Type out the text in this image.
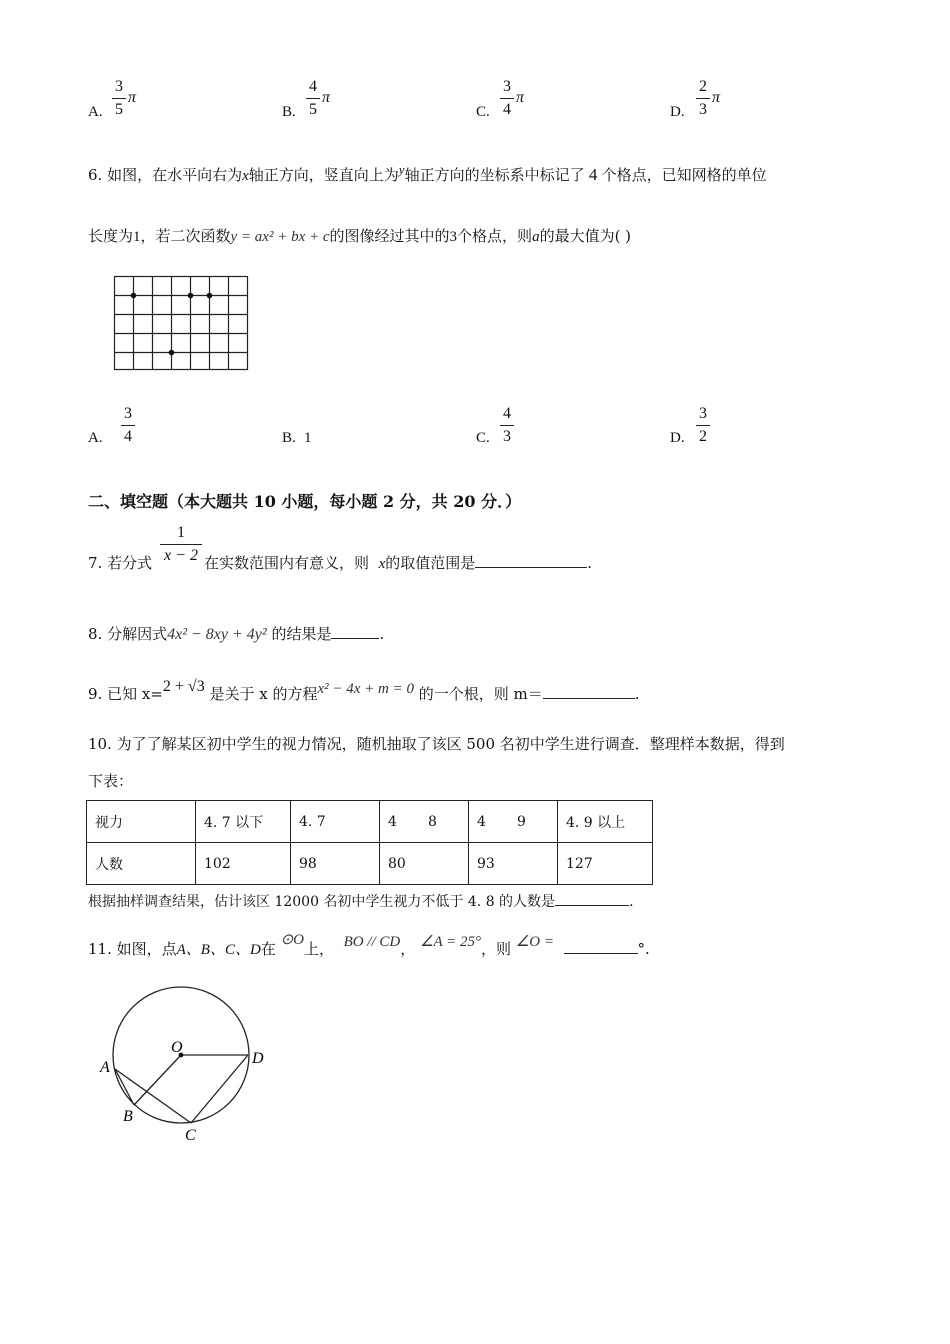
A.
3
5
π
B.
4
5
π
C.
3
4
π
D.
2
3
π
6. 如图，在水平向右为x轴正方向，竖直向上为$^y$轴正方向的坐标系中标记了 4 个格点，已知网格的单位
长度为1，若二次函数y = ax² + bx + c的图像经过其中的3个格点，则a的最大值为( )
A.
3
4	B. 1	C.
4
3	D.
3
2
二、填空题（本大题共 10 小题，每小题 2 分，共 20 分．）
7. 若分式
1
x − 2 在实数范围内有意义，则 x的取值范围是	.
8. 分解因式4x² − 8xy + 4y² 的结果是	.
9. 已知 x=2 + √3 是关于 x 的方程x² − 4x + m = 0 的一个根，则 m＝	.
10. 为了了解某区初中学生的视力情况，随机抽取了该区 500 名初中学生进行调查．整理样本数据，得到
下表：
视力	4. 7 以下	4. 7	4       8	4       9	4. 9 以上
人数	102	98	80	93	127
根据抽样调查结果，估计该区 12000 名初中学生视力不低于 4. 8 的人数是	.
11. 如图，点A、B、C、D在 ⊙O上， BO // CD， ∠A = 25°，则 ∠O =	°.
O
A
B
C
D
